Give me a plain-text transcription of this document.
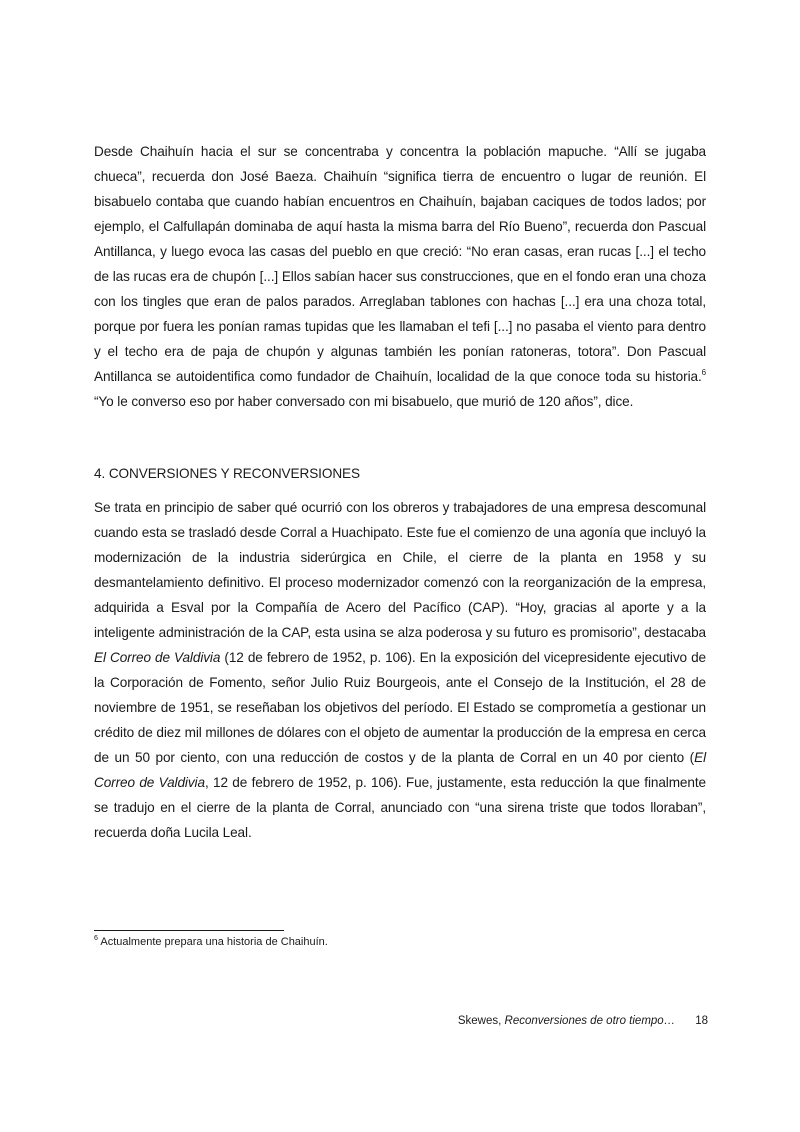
Desde Chaihuín hacia el sur se concentraba y concentra la población mapuche. “Allí se jugaba chueca”, recuerda don José Baeza. Chaihuín “significa tierra de encuentro o lugar de reunión. El bisabuelo contaba que cuando habían encuentros en Chaihuín, bajaban caciques de todos lados; por ejemplo, el Calfullapán dominaba de aquí hasta la misma barra del Río Bueno”, recuerda don Pascual Antillanca, y luego evoca las casas del pueblo en que creció: “No eran casas, eran rucas [...] el techo de las rucas era de chupón [...] Ellos sabían hacer sus construcciones, que en el fondo eran una choza con los tingles que eran de palos parados. Arreglaban tablones con hachas [...] era una choza total, porque por fuera les ponían ramas tupidas que les llamaban el tefi [...] no pasaba el viento para dentro y el techo era de paja de chupón y algunas también les ponían ratoneras, totora”. Don Pascual Antillanca se autoidentifica como fundador de Chaihuín, localidad de la que conoce toda su historia.$^6$ “Yo le converso eso por haber conversado con mi bisabuelo, que murió de 120 años”, dice.

4. CONVERSIONES Y RECONVERSIONES

Se trata en principio de saber qué ocurrió con los obreros y trabajadores de una empresa descomunal cuando esta se trasladó desde Corral a Huachipato. Este fue el comienzo de una agonía que incluyó la modernización de la industria siderúrgica en Chile, el cierre de la planta en 1958 y su desmantelamiento definitivo. El proceso modernizador comenzó con la reorganización de la empresa, adquirida a Esval por la Compañía de Acero del Pacífico (CAP). “Hoy, gracias al aporte y a la inteligente administración de la CAP, esta usina se alza poderosa y su futuro es promisorio”, destacaba El Correo de Valdivia (12 de febrero de 1952, p. 106). En la exposición del vicepresidente ejecutivo de la Corporación de Fomento, señor Julio Ruiz Bourgeois, ante el Consejo de la Institución, el 28 de noviembre de 1951, se reseñaban los objetivos del período. El Estado se comprometía a gestionar un crédito de diez mil millones de dólares con el objeto de aumentar la producción de la empresa en cerca de un 50 por ciento, con una reducción de costos y de la planta de Corral en un 40 por ciento (El Correo de Valdivia, 12 de febrero de 1952, p. 106). Fue, justamente, esta reducción la que finalmente se tradujo en el cierre de la planta de Corral, anunciado con “una sirena triste que todos lloraban”, recuerda doña Lucila Leal.

$^6$ Actualmente prepara una historia de Chaihuín.

Skewes, Reconversiones de otro tiempo… 18
